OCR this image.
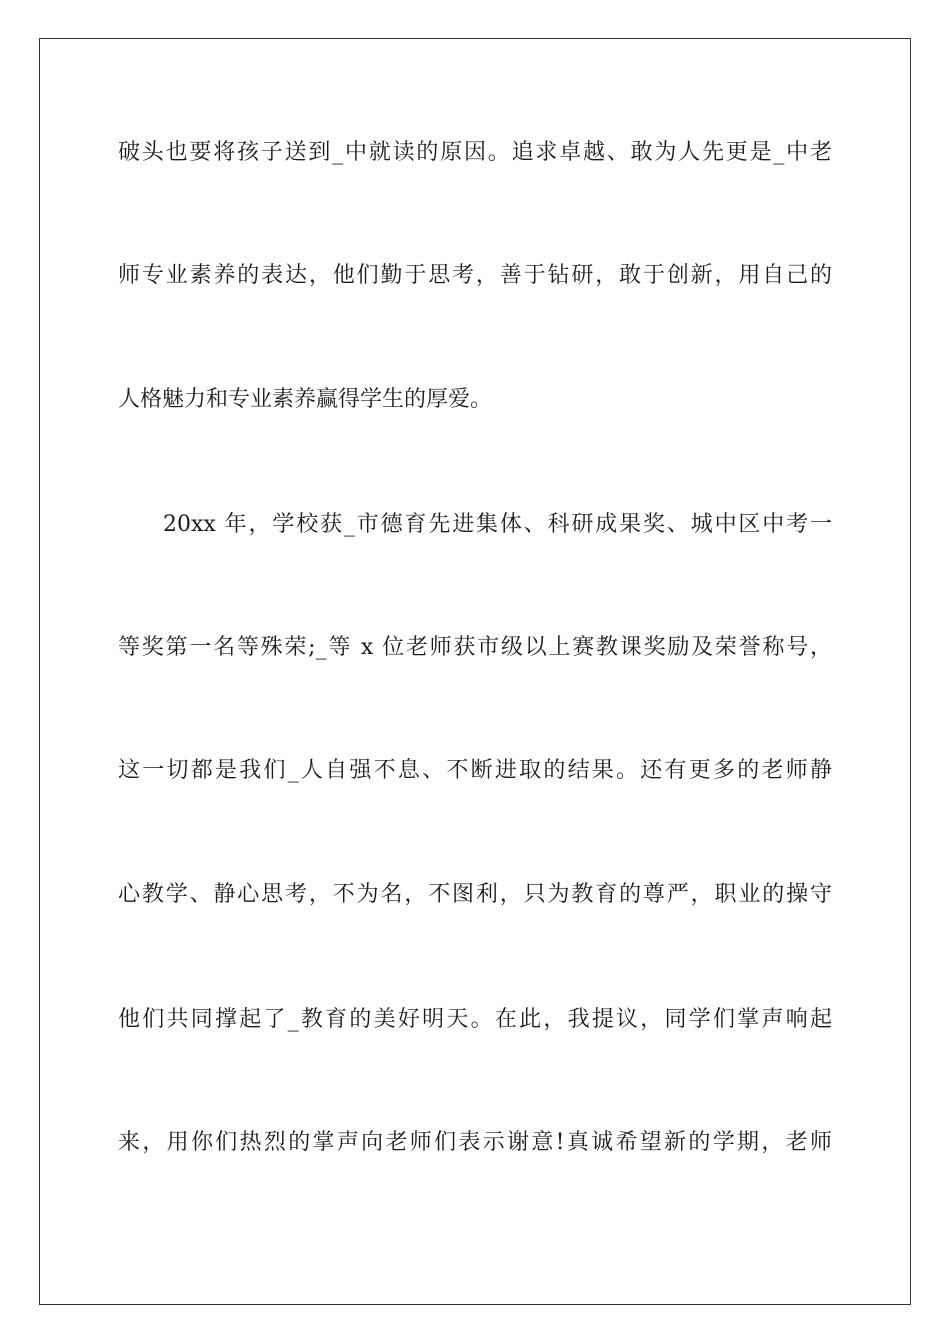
破头也要将孩子送到_中就读的原因。追求卓越、敢为人先更是_中老
师专业素养的表达，他们勤于思考，善于钻研，敢于创新，用自己的
人格魅力和专业素养赢得学生的厚爱。
20xx 年，学校获_市德育先进集体、科研成果奖、城中区中考一
等奖第一名等殊荣;_等 x 位老师获市级以上赛教课奖励及荣誉称号，
这一切都是我们_人自强不息、不断进取的结果。还有更多的老师静
心教学、静心思考，不为名，不图利，只为教育的尊严，职业的操守
他们共同撑起了_教育的美好明天。在此，我提议，同学们掌声响起
来，用你们热烈的掌声向老师们表示谢意!真诚希望新的学期，老师
